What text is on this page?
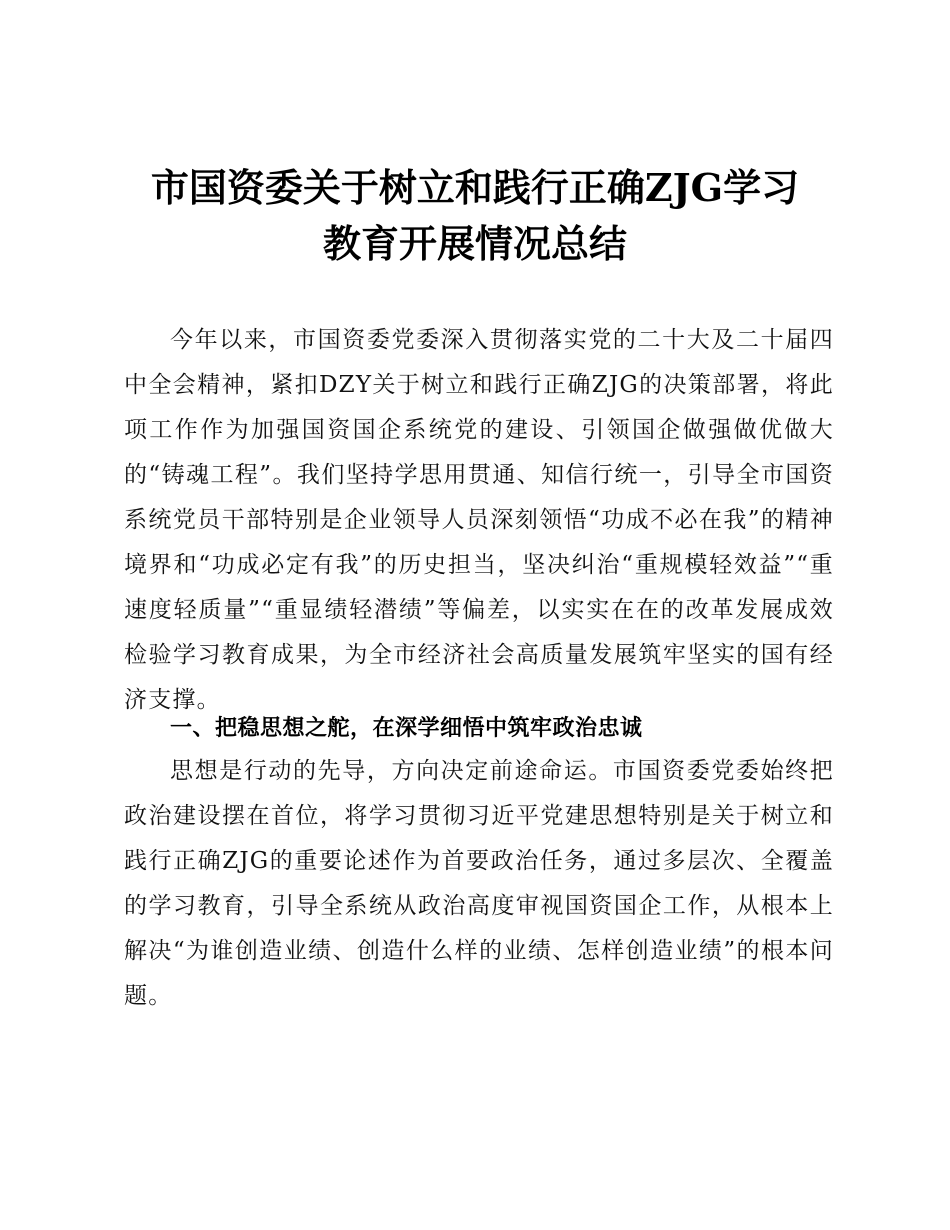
市国资委关于树立和践行正确ZJG学习
教育开展情况总结

今年以来，市国资委党委深入贯彻落实党的二十大及二十届四中全会精神，紧扣DZY关于树立和践行正确ZJG的决策部署，将此项工作作为加强国资国企系统党的建设、引领国企做强做优做大的“铸魂工程”。我们坚持学思用贯通、知信行统一，引导全市国资系统党员干部特别是企业领导人员深刻领悟“功成不必在我”的精神境界和“功成必定有我”的历史担当，坚决纠治“重规模轻效益”“重速度轻质量”“重显绩轻潜绩”等偏差，以实实在在的改革发展成效检验学习教育成果，为全市经济社会高质量发展筑牢坚实的国有经济支撑。

一、把稳思想之舵，在深学细悟中筑牢政治忠诚

思想是行动的先导，方向决定前途命运。市国资委党委始终把政治建设摆在首位，将学习贯彻习近平党建思想特别是关于树立和践行正确ZJG的重要论述作为首要政治任务，通过多层次、全覆盖的学习教育，引导全系统从政治高度审视国资国企工作，从根本上解决“为谁创造业绩、创造什么样的业绩、怎样创造业绩”的根本问题。
